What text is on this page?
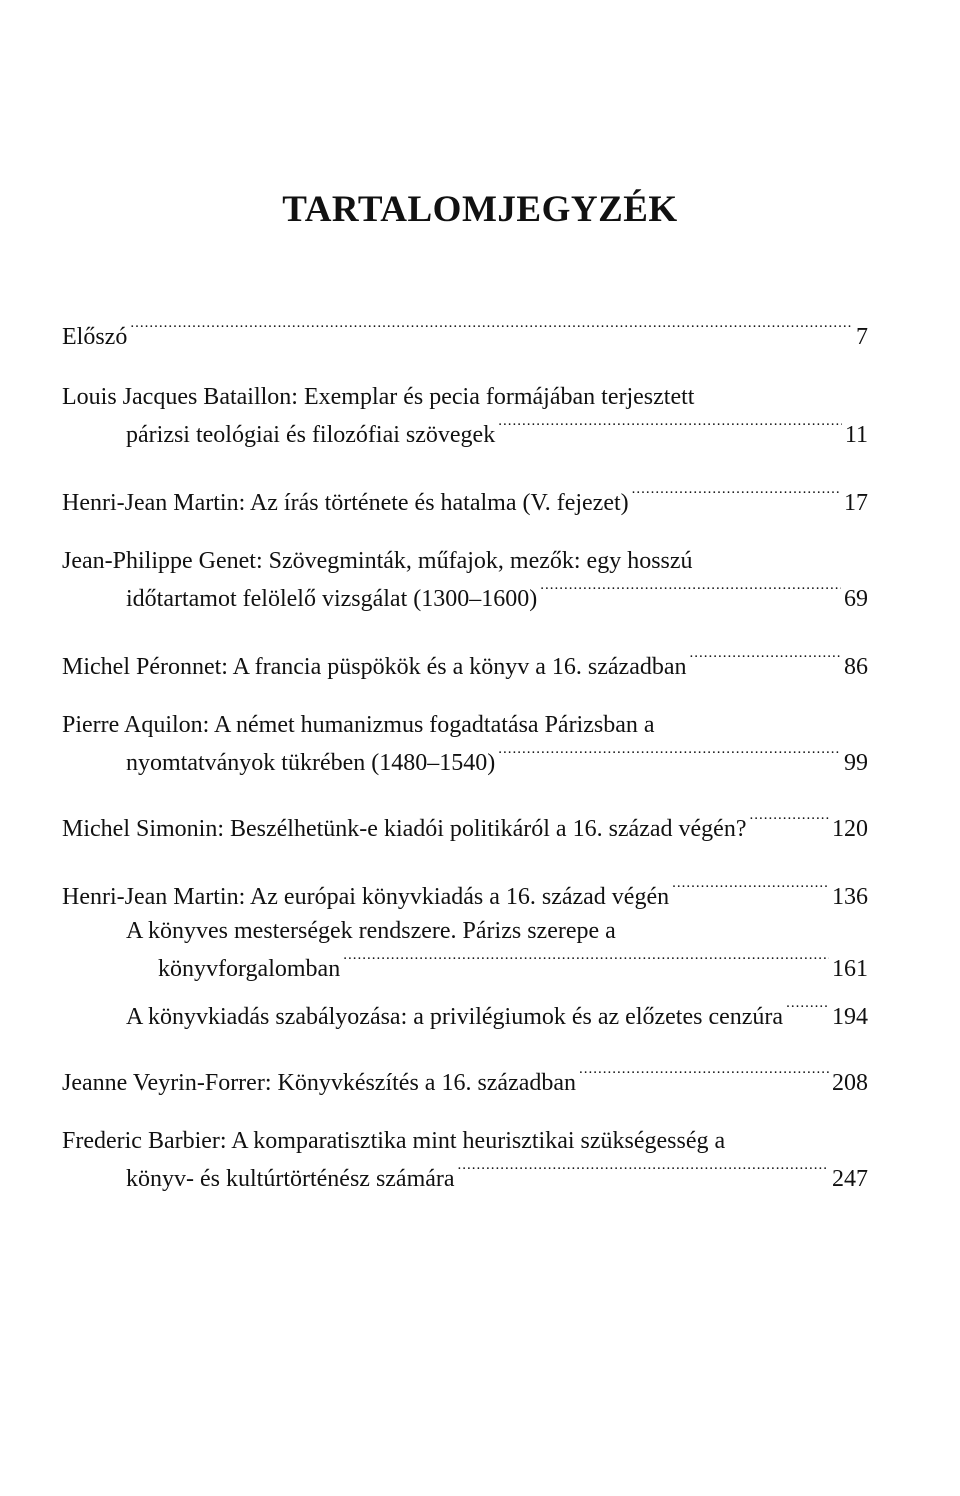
TARTALOMJEGYZÉK
Előszó .....	7
Louis Jacques Bataillon: Exemplar és pecia formájában terjesztett
párizsi teológiai és filozófiai szövegek .....	11
Henri-Jean Martin: Az írás története és hatalma (V. fejezet) .....	17
Jean-Philippe Genet: Szövegminták, műfajok, mezők: egy hosszú
időtartamot felölelő vizsgálat (1300–1600) .....	69
Michel Péronnet: A francia püspökök és a könyv a 16. században .....	86
Pierre Aquilon: A német humanizmus fogadtatása Párizsban a
nyomtatványok tükrében (1480–1540) .....	99
Michel Simonin: Beszélhetünk-e kiadói politikáról a 16. század végén? .....	120
Henri-Jean Martin: Az európai könyvkiadás a 16. század végén .....	136
A könyves mesterségek rendszere. Párizs szerepe a
könyvforgalomban .....	161
A könyvkiadás szabályozása: a privilégiumok és az előzetes cenzúra ..... 194
Jeanne Veyrin-Forrer: Könyvkészítés a 16. században .....	208
Frederic Barbier: A komparatisztika mint heurisztikai szükségesség a
könyv- és kultúrtörténész számára .....	247
